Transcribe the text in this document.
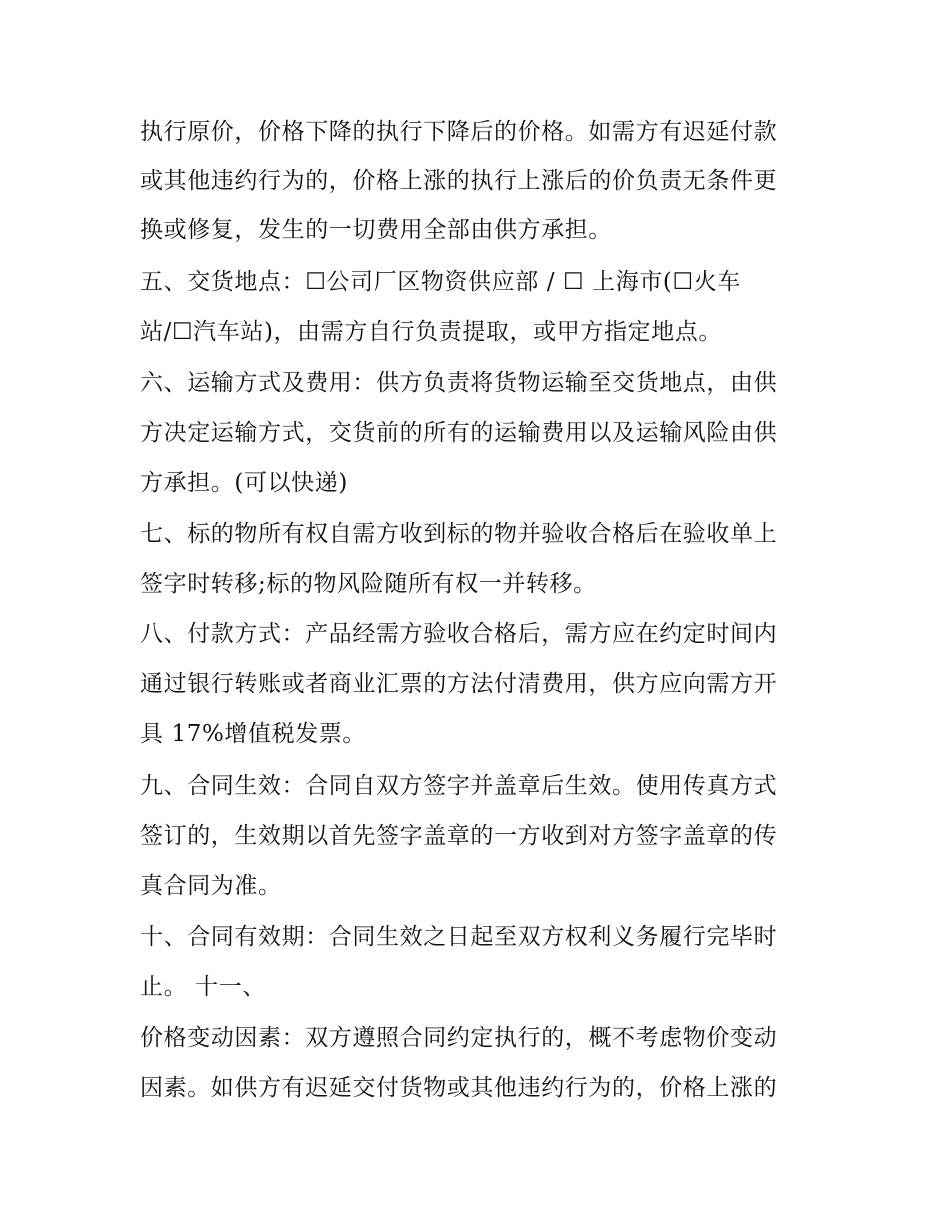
执行原价，价格下降的执行下降后的价格。如需方有迟延付款
或其他违约行为的，价格上涨的执行上涨后的价负责无条件更
换或修复，发生的一切费用全部由供方承担。
五、交货地点：☐公司厂区物资供应部 / ☐ 上海市(☐火车
站/☐汽车站)，由需方自行负责提取，或甲方指定地点。
六、运输方式及费用：供方负责将货物运输至交货地点，由供
方决定运输方式，交货前的所有的运输费用以及运输风险由供
方承担。(可以快递)
七、标的物所有权自需方收到标的物并验收合格后在验收单上
签字时转移;标的物风险随所有权一并转移。
八、付款方式：产品经需方验收合格后，需方应在约定时间内
通过银行转账或者商业汇票的方法付清费用，供方应向需方开
具 17%增值税发票。
九、合同生效：合同自双方签字并盖章后生效。使用传真方式
签订的，生效期以首先签字盖章的一方收到对方签字盖章的传
真合同为准。
十、合同有效期：合同生效之日起至双方权利义务履行完毕时
止。 十一、
价格变动因素：双方遵照合同约定执行的，概不考虑物价变动
因素。如供方有迟延交付货物或其他违约行为的，价格上涨的
